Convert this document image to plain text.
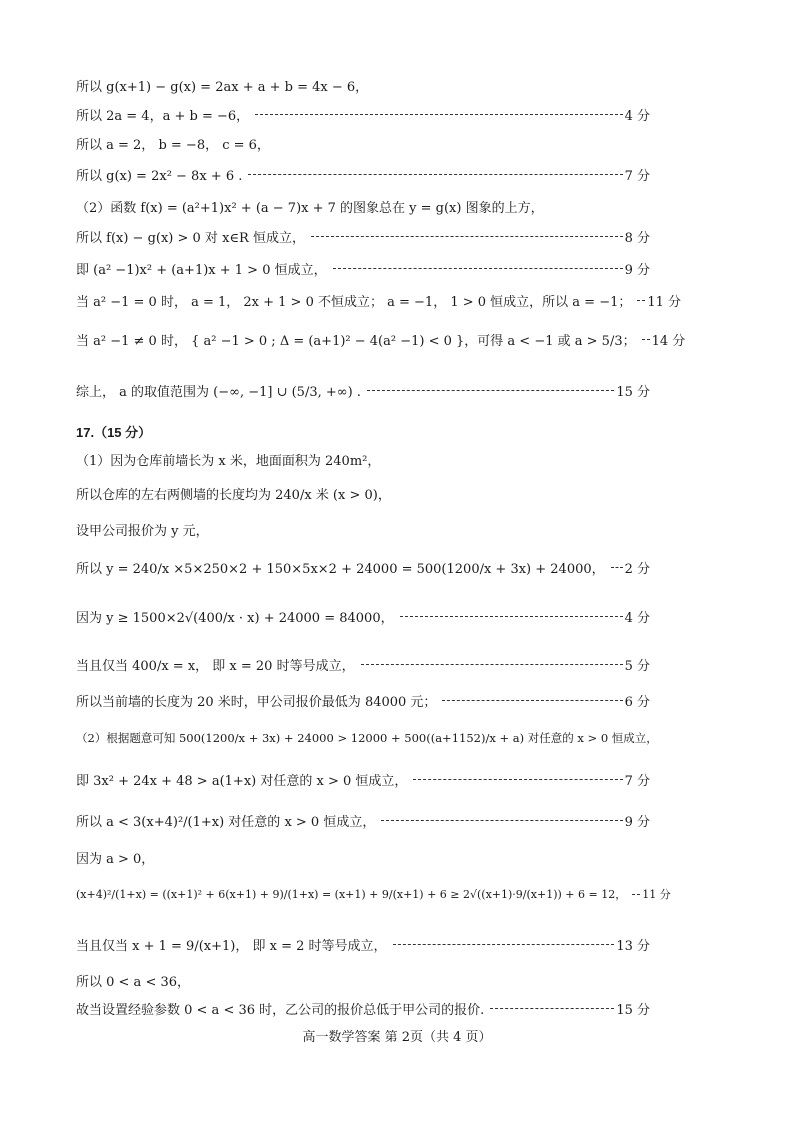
所以 g(x+1) − g(x) = 2ax + a + b = 4x − 6，
所以 2a = 4，a + b = −6，	4 分
所以 a = 2， b = −8， c = 6，
所以 g(x) = 2x² − 8x + 6 .	7 分
（2）函数 f(x) = (a²+1)x² + (a − 7)x + 7 的图象总在 y = g(x) 图象的上方，
所以 f(x) − g(x) > 0 对 x∈R 恒成立，	8 分
即 (a² −1)x² + (a+1)x + 1 > 0 恒成立，	9 分
当 a² −1 = 0 时， a = 1， 2x + 1 > 0 不恒成立； a = −1， 1 > 0 恒成立，所以 a = −1； 11 分
当 a² −1 ≠ 0 时， { a² −1 > 0 ; Δ = (a+1)² − 4(a² −1) < 0 }，可得 a < −1 或 a > 5/3； 14 分
综上， a 的取值范围为 (−∞, −1] ∪ (5/3, +∞) .	15 分
17.（15 分）
（1）因为仓库前墙长为 x 米，地面面积为 240m²，
所以仓库的左右两侧墙的长度均为 240/x 米 (x > 0)，
设甲公司报价为 y 元，
所以 y = 240/x ×5×250×2 + 150×5x×2 + 24000 = 500(1200/x + 3x) + 24000， 2 分
因为 y ≥ 1500×2√(400/x · x) + 24000 = 84000，	4 分
当且仅当 400/x = x， 即 x = 20 时等号成立，	5 分
所以当前墙的长度为 20 米时，甲公司报价最低为 84000 元；	6 分
（2）根据题意可知 500(1200/x + 3x) + 24000 > 12000 + 500((a+1152)/x + a) 对任意的 x > 0 恒成立，
即 3x² + 24x + 48 > a(1+x) 对任意的 x > 0 恒成立，	7 分
所以 a < 3(x+4)²/(1+x) 对任意的 x > 0 恒成立，	9 分
因为 a > 0，
(x+4)²/(1+x) = ((x+1)² + 6(x+1) + 9)/(1+x) = (x+1) + 9/(x+1) + 6 ≥ 2√((x+1)·9/(x+1)) + 6 = 12， 11 分
当且仅当 x + 1 = 9/(x+1)， 即 x = 2 时等号成立，	13 分
所以 0 < a < 36，
故当设置经验参数 0 < a < 36 时，乙公司的报价总低于甲公司的报价.	15 分
高一数学答案 第 2页（共 4 页）
